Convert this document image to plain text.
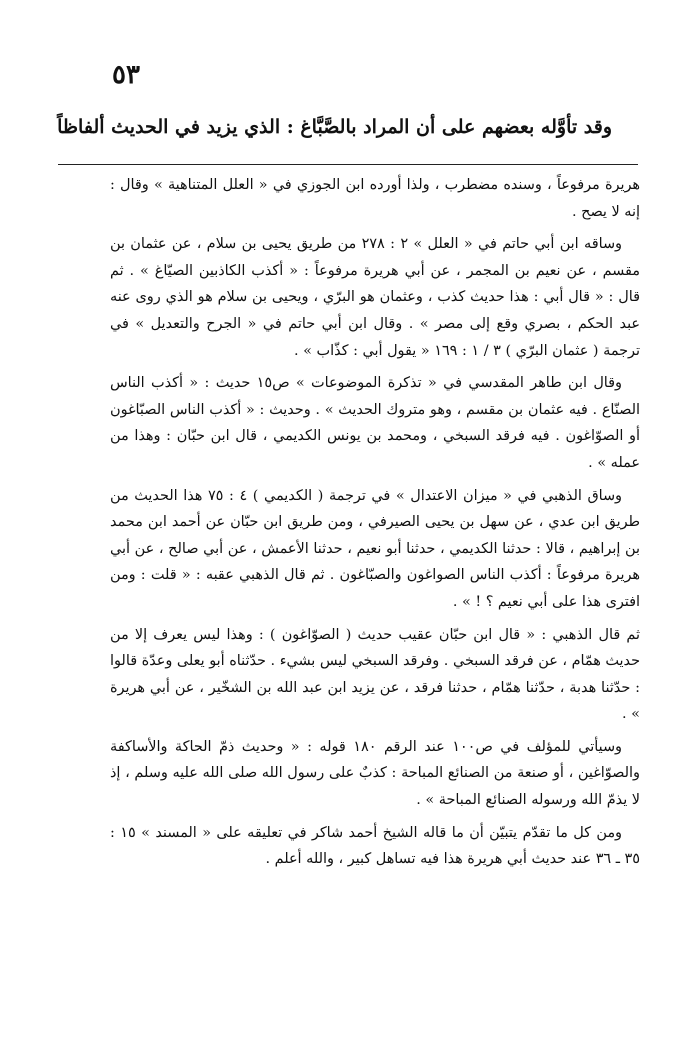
٥٣
وقد تأوَّله بعضهم على أن المراد بالصَّبَّاغ : الذي يزيد في الحديث ألفاظاً

هريرة مرفوعاً ، وسنده مضطرب ، ولذا أورده ابن الجوزي في « العلل المتناهية » وقال : إنه لا يصح .

وساقه ابن أبي حاتم في « العلل » ٢ : ٢٧٨ من طريق يحيى بن سلام ، عن عثمان بن مقسم ، عن نعيم بن المجمر ، عن أبي هريرة مرفوعاً : « أكذب الكاذبين الصيّاغ » . ثم قال : « قال أبي : هذا حديث كذب ، وعثمان هو البرّي ، ويحيى بن سلام هو الذي روى عنه عبد الحكم ، بصري وقع إلى مصر » . وقال ابن أبي حاتم في « الجرح والتعديل » في ترجمة ( عثمان البرّي ) ٣ / ١ : ١٦٩ « يقول أبي : كذّاب » .

وقال ابن طاهر المقدسي في « تذكرة الموضوعات » ص١٥ حديث : « أكذب الناس الصنّاع . فيه عثمان بن مقسم ، وهو متروك الحديث » . وحديث : « أكذب الناس الصبّاغون أو الصوّاغون . فيه فرقد السبخي ، ومحمد بن يونس الكديمي ، قال ابن حبّان : وهذا من عمله » .

وساق الذهبي في « ميزان الاعتدال » في ترجمة ( الكديمي ) ٤ : ٧٥ هذا الحديث من طريق ابن عدي ، عن سهل بن يحيى الصيرفي ، ومن طريق ابن حبّان عن أحمد ابن محمد بن إبراهيم ، قالا : حدثنا الكديمي ، حدثنا أبو نعيم ، حدثنا الأعمش ، عن أبي صالح ، عن أبي هريرة مرفوعاً : أكذب الناس الصواغون والصبّاغون . ثم قال الذهبي عقبه : « قلت : ومن افترى هذا على أبي نعيم ؟ ! » .

ثم قال الذهبي : « قال ابن حبّان عقيب حديث ( الصوّاغون ) : وهذا ليس يعرف إلا من حديث همّام ، عن فرقد السبخي . وفرقد السبخي ليس بشيء . حدّثناه أبو يعلى وعدّة قالوا : حدّثنا هدبة ، حدّثنا همّام ، حدثنا فرقد ، عن يزيد ابن عبد الله بن الشخّير ، عن أبي هريرة » .

وسيأتي للمؤلف في ص١٠٠ عند الرقم ١٨٠ قوله : « وحديث ذمّ الحاكة والأساكفة والصوّاغين ، أو صنعة من الصنائع المباحة : كذبٌ على رسول الله صلى الله عليه وسلم ، إذ لا يذمّ الله ورسوله الصنائع المباحة » .

ومن كل ما تقدّم يتبيّن أن ما قاله الشيخ أحمد شاكر في تعليقه على « المسند » ١٥ : ٣٥ ـ ٣٦ عند حديث أبي هريرة هذا فيه تساهل كبير ، والله أعلم .
